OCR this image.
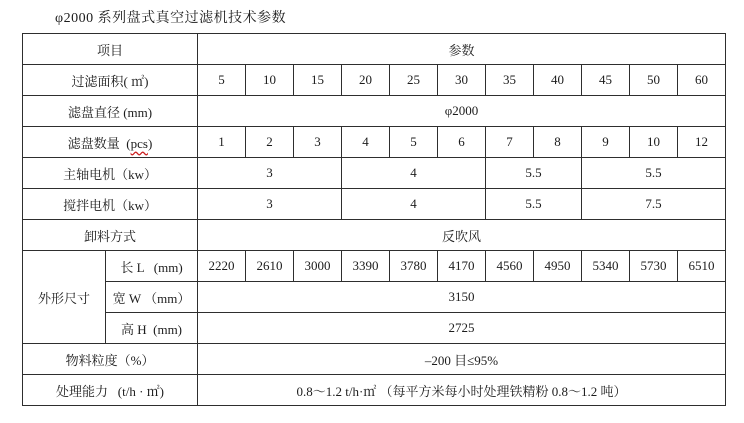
φ2000 系列盘式真空过滤机技术参数
项目		参数										
过滤面积( ㎡)		5	10	15	20	25	30	35	40	45	50	60
滤盘直径 (mm)		φ2000										
滤盘数量  (pcs)		1	2	3	4	5	6	7	8	9	10	12
主轴电机（kw）		3			4			5.5		5.5		
搅拌电机（kw）		3			4			5.5		7.5		
卸料方式		反吹风										
外形尺寸	长 L   (mm)	2220	2610	3000	3390	3780	4170	4560	4950	5340	5730	6510
	宽 W （mm）	3150										
	高 H  (mm)	2725										
物料粒度（%）		–200 目≤95%										
处理能力   (t/h · ㎡)		0.8～1.2 t/h·㎡ （每平方米每小时处理铁精粉 0.8～1.2 吨）										
